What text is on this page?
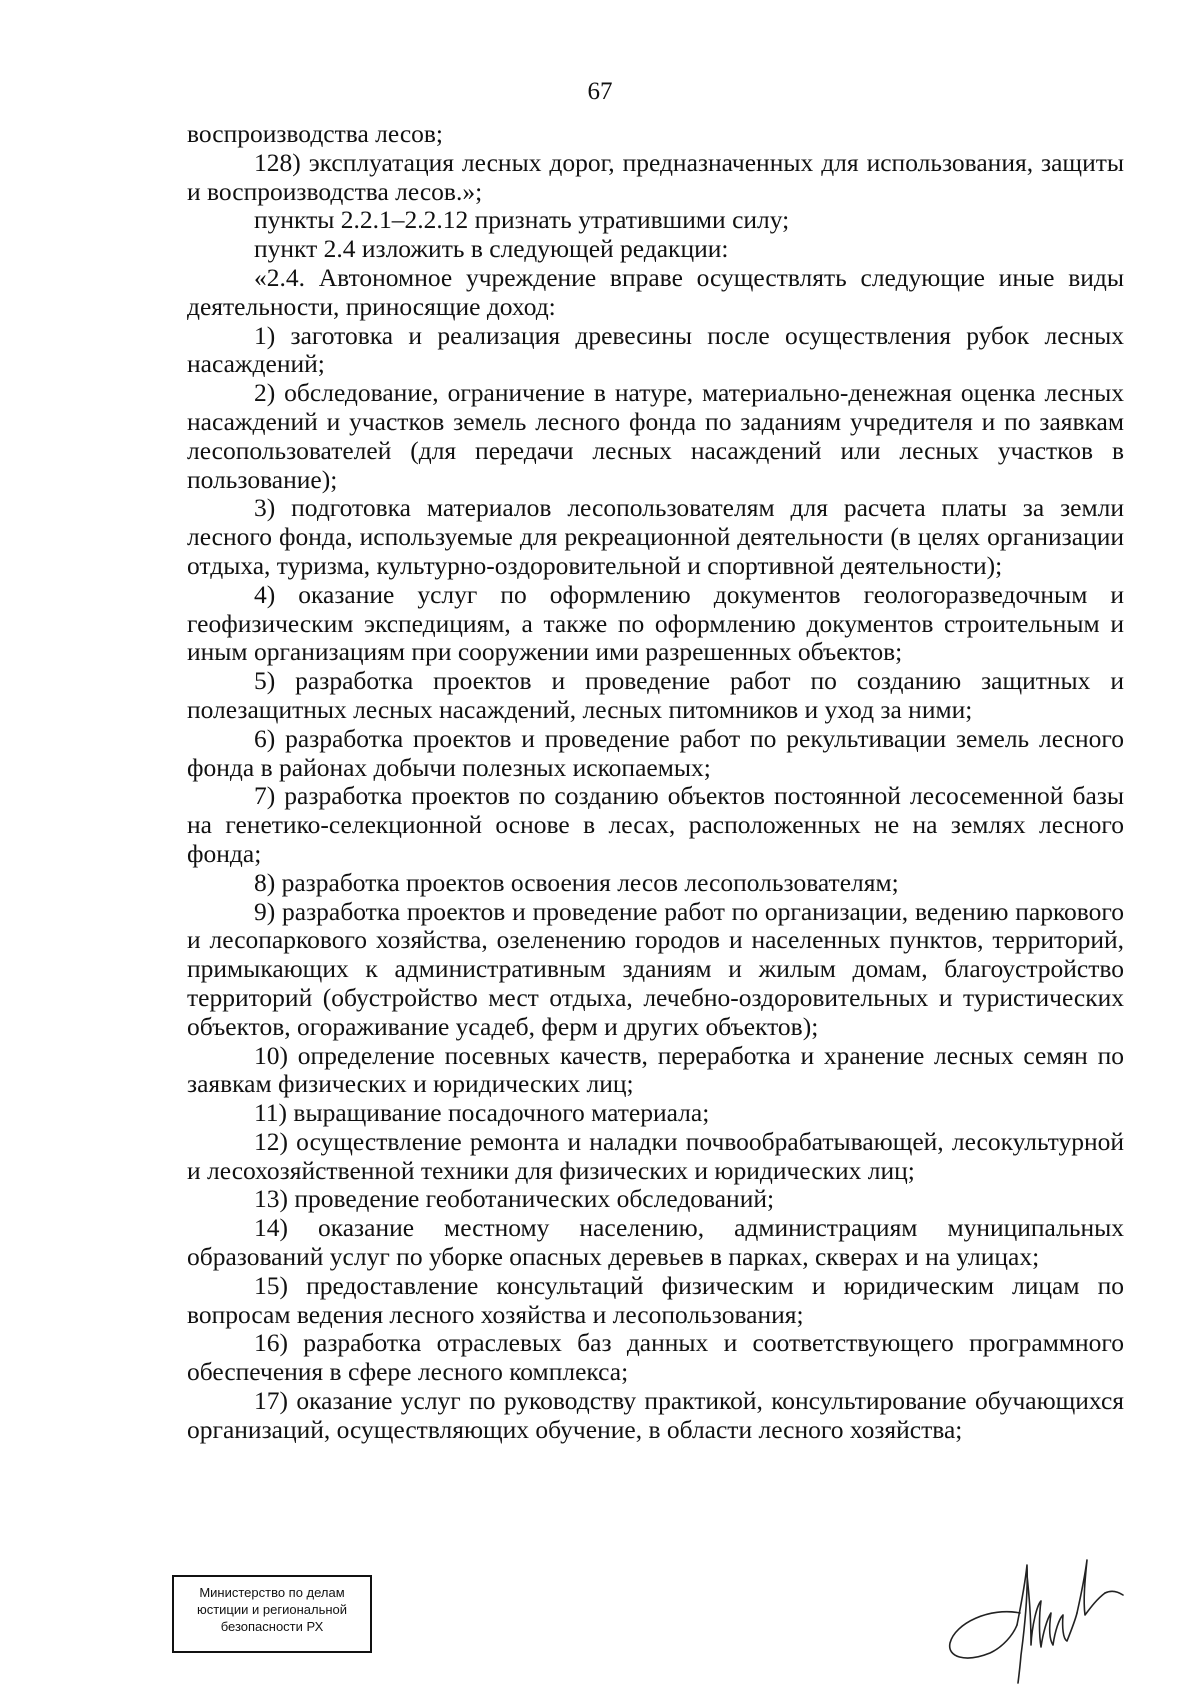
67

воспроизводства лесов;

128) эксплуатация лесных дорог, предназначенных для использования, защиты и воспроизводства лесов.»;

пункты 2.2.1–2.2.12 признать утратившими силу;

пункт 2.4 изложить в следующей редакции:

«2.4. Автономное учреждение вправе осуществлять следующие иные виды деятельности, приносящие доход:

1) заготовка и реализация древесины после осуществления рубок лесных насаждений;

2) обследование, ограничение в натуре, материально-денежная оценка лесных насаждений и участков земель лесного фонда по заданиям учредителя и по заявкам лесопользователей (для передачи лесных насаждений или лесных участков в пользование);

3) подготовка материалов лесопользователям для расчета платы за земли лесного фонда, используемые для рекреационной деятельности (в целях организации отдыха, туризма, культурно-оздоровительной и спортивной деятельности);

4) оказание услуг по оформлению документов геологоразведочным и геофизическим экспедициям, а также по оформлению документов строительным и иным организациям при сооружении ими разрешенных объектов;

5) разработка проектов и проведение работ по созданию защитных и полезащитных лесных насаждений, лесных питомников и уход за ними;

6) разработка проектов и проведение работ по рекультивации земель лесного фонда в районах добычи полезных ископаемых;

7) разработка проектов по созданию объектов постоянной лесосеменной базы на генетико-селекционной основе в лесах, расположенных не на землях лесного фонда;

8) разработка проектов освоения лесов лесопользователям;

9) разработка проектов и проведение работ по организации, ведению паркового и лесопаркового хозяйства, озеленению городов и населенных пунктов, территорий, примыкающих к административным зданиям и жилым домам, благоустройство территорий (обустройство мест отдыха, лечебно-оздоровительных и туристических объектов, огораживание усадеб, ферм и других объектов);

10) определение посевных качеств, переработка и хранение лесных семян по заявкам физических и юридических лиц;

11) выращивание посадочного материала;

12) осуществление ремонта и наладки почвообрабатывающей, лесокультурной и лесохозяйственной техники для физических и юридических лиц;

13) проведение геоботанических обследований;

14) оказание местному населению, администрациям муниципальных образований услуг по уборке опасных деревьев в парках, скверах и на улицах;

15) предоставление консультаций физическим и юридическим лицам по вопросам ведения лесного хозяйства и лесопользования;

16) разработка отраслевых баз данных и соответствующего программного обеспечения в сфере лесного комплекса;

17) оказание услуг по руководству практикой, консультирование обучающихся организаций, осуществляющих обучение, в области лесного хозяйства;

Министерство по делам
юстиции и региональной
безопасности РХ
